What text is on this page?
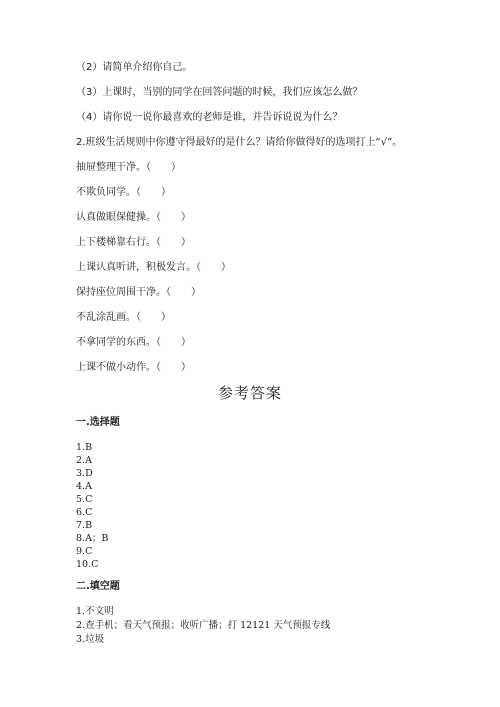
（2）请简单介绍你自己。
（3）上课时，当别的同学在回答问题的时候，我们应该怎么做？
（4）请你说一说你最喜欢的老师是谁，并告诉说说为什么？
2.班级生活规则中你遵守得最好的是什么？请给你做得好的选项打上“√”。
抽屉整理干净。（　　）
不欺负同学。（　　）
认真做眼保健操。（　　）
上下楼梯靠右行。（　　）
上课认真听讲，积极发言。（　　）
保持座位周围干净。（　　）
不乱涂乱画。（　　）
不拿同学的东西。（　　）
上课不做小动作。（　　）
参考答案
一.选择题
1.B
2.A
3.D
4.A
5.C
6.C
7.B
8.A；B
9.C
10.C
二.填空题
1.不文明
2.查手机；看天气预报；收听广播；打 12121 天气预报专线
3.垃圾
